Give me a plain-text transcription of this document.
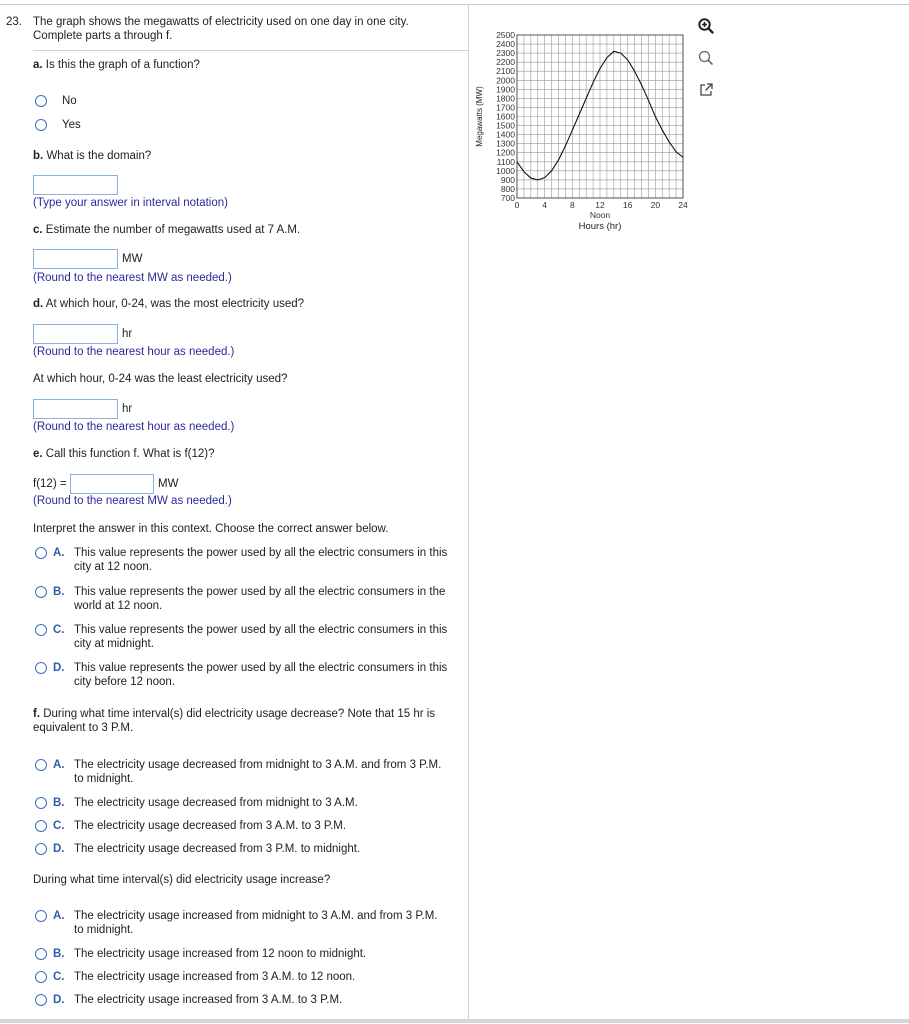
23. The graph shows the megawatts of electricity used on one day in one city. Complete parts a through f.
a. Is this the graph of a function?
No
Yes
b. What is the domain?
(Type your answer in interval notation)
c. Estimate the number of megawatts used at 7 A.M.
MW
(Round to the nearest MW as needed.)
d. At which hour, 0-24, was the most electricity used?
hr
(Round to the nearest hour as needed.)
At which hour, 0-24 was the least electricity used?
hr
(Round to the nearest hour as needed.)
e. Call this function f. What is f(12)?
f(12) =	MW
(Round to the nearest MW as needed.)
Interpret the answer in this context. Choose the correct answer below.
A. This value represents the power used by all the electric consumers in this city at 12 noon.
B. This value represents the power used by all the electric consumers in the world at 12 noon.
C. This value represents the power used by all the electric consumers in this city at midnight.
D. This value represents the power used by all the electric consumers in this city before 12 noon.
f. During what time interval(s) did electricity usage decrease? Note that 15 hr is equivalent to 3 P.M.
A. The electricity usage decreased from midnight to 3 A.M. and from 3 P.M. to midnight.
B. The electricity usage decreased from midnight to 3 A.M.
C. The electricity usage decreased from 3 A.M. to 3 P.M.
D. The electricity usage decreased from 3 P.M. to midnight.
During what time interval(s) did electricity usage increase?
A. The electricity usage increased from midnight to 3 A.M. and from 3 P.M. to midnight.
B. The electricity usage increased from 12 noon to midnight.
C. The electricity usage increased from 3 A.M. to 12 noon.
D. The electricity usage increased from 3 A.M. to 3 P.M.
700
800
900
1000
1100
1200
1300
1400
1500
1600
1700
1800
1900
2000
2100
2200
2300
2400
2500
0	4	8 12 16 20 24
Noon
Hours (hr)
Megawatts (MW)
